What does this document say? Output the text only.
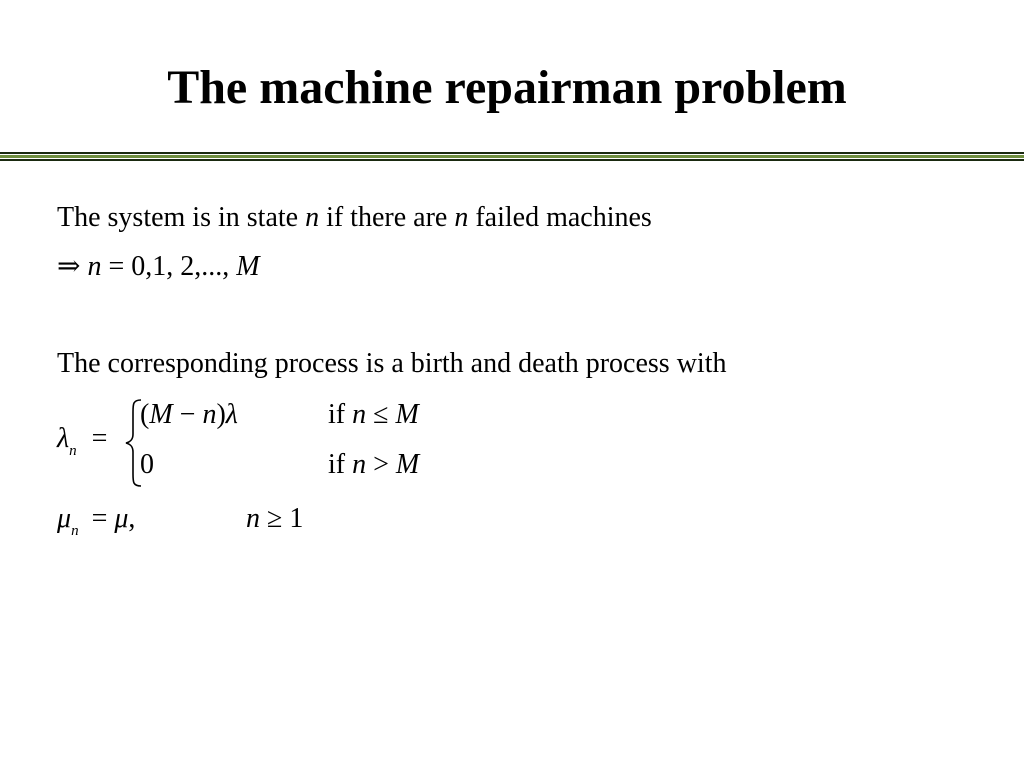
The machine repairman problem
The system is in state n if there are n failed machines
⇒ n = 0,1, 2,..., M
The corresponding process is a birth and death process with
$\lambda_n$ =
(M − n)λ	if n ≤ M
0	if n > M
$\mu_n = \mu$,	n ≥ 1
